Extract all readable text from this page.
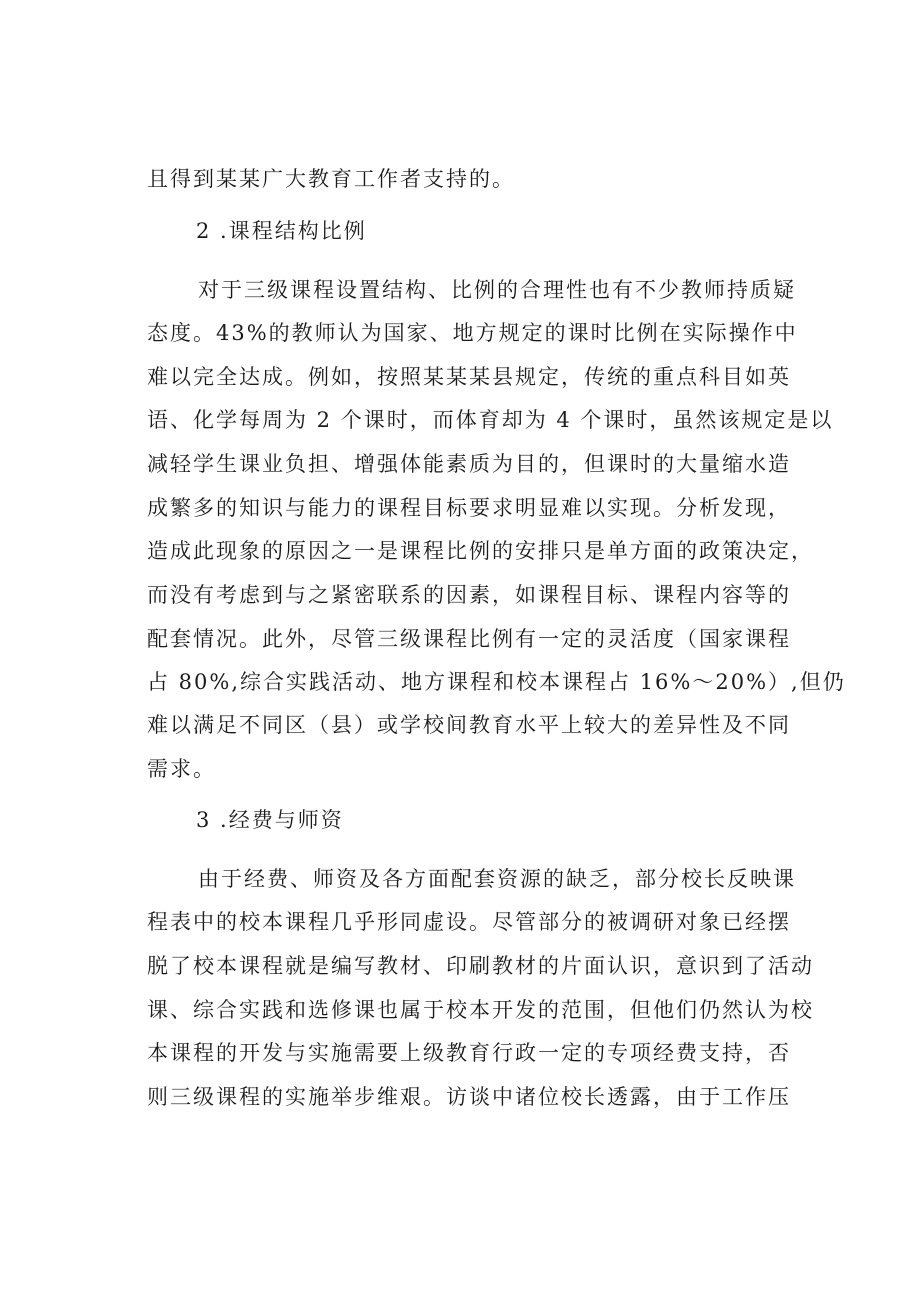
且得到某某广大教育工作者支持的。

2 .课程结构比例

对于三级课程设置结构、比例的合理性也有不少教师持质疑

态度。43%的教师认为国家、地方规定的课时比例在实际操作中

难以完全达成。例如，按照某某某县规定，传统的重点科目如英

语、化学每周为 2 个课时，而体育却为 4 个课时，虽然该规定是以

减轻学生课业负担、增强体能素质为目的，但课时的大量缩水造

成繁多的知识与能力的课程目标要求明显难以实现。分析发现，

造成此现象的原因之一是课程比例的安排只是单方面的政策决定，

而没有考虑到与之紧密联系的因素，如课程目标、课程内容等的

配套情况。此外，尽管三级课程比例有一定的灵活度（国家课程

占 80%,综合实践活动、地方课程和校本课程占 16%～20%）,但仍

难以满足不同区（县）或学校间教育水平上较大的差异性及不同

需求。

3 .经费与师资

由于经费、师资及各方面配套资源的缺乏，部分校长反映课

程表中的校本课程几乎形同虚设。尽管部分的被调研对象已经摆

脱了校本课程就是编写教材、印刷教材的片面认识，意识到了活动

课、综合实践和选修课也属于校本开发的范围，但他们仍然认为校

本课程的开发与实施需要上级教育行政一定的专项经费支持，否

则三级课程的实施举步维艰。访谈中诸位校长透露，由于工作压
